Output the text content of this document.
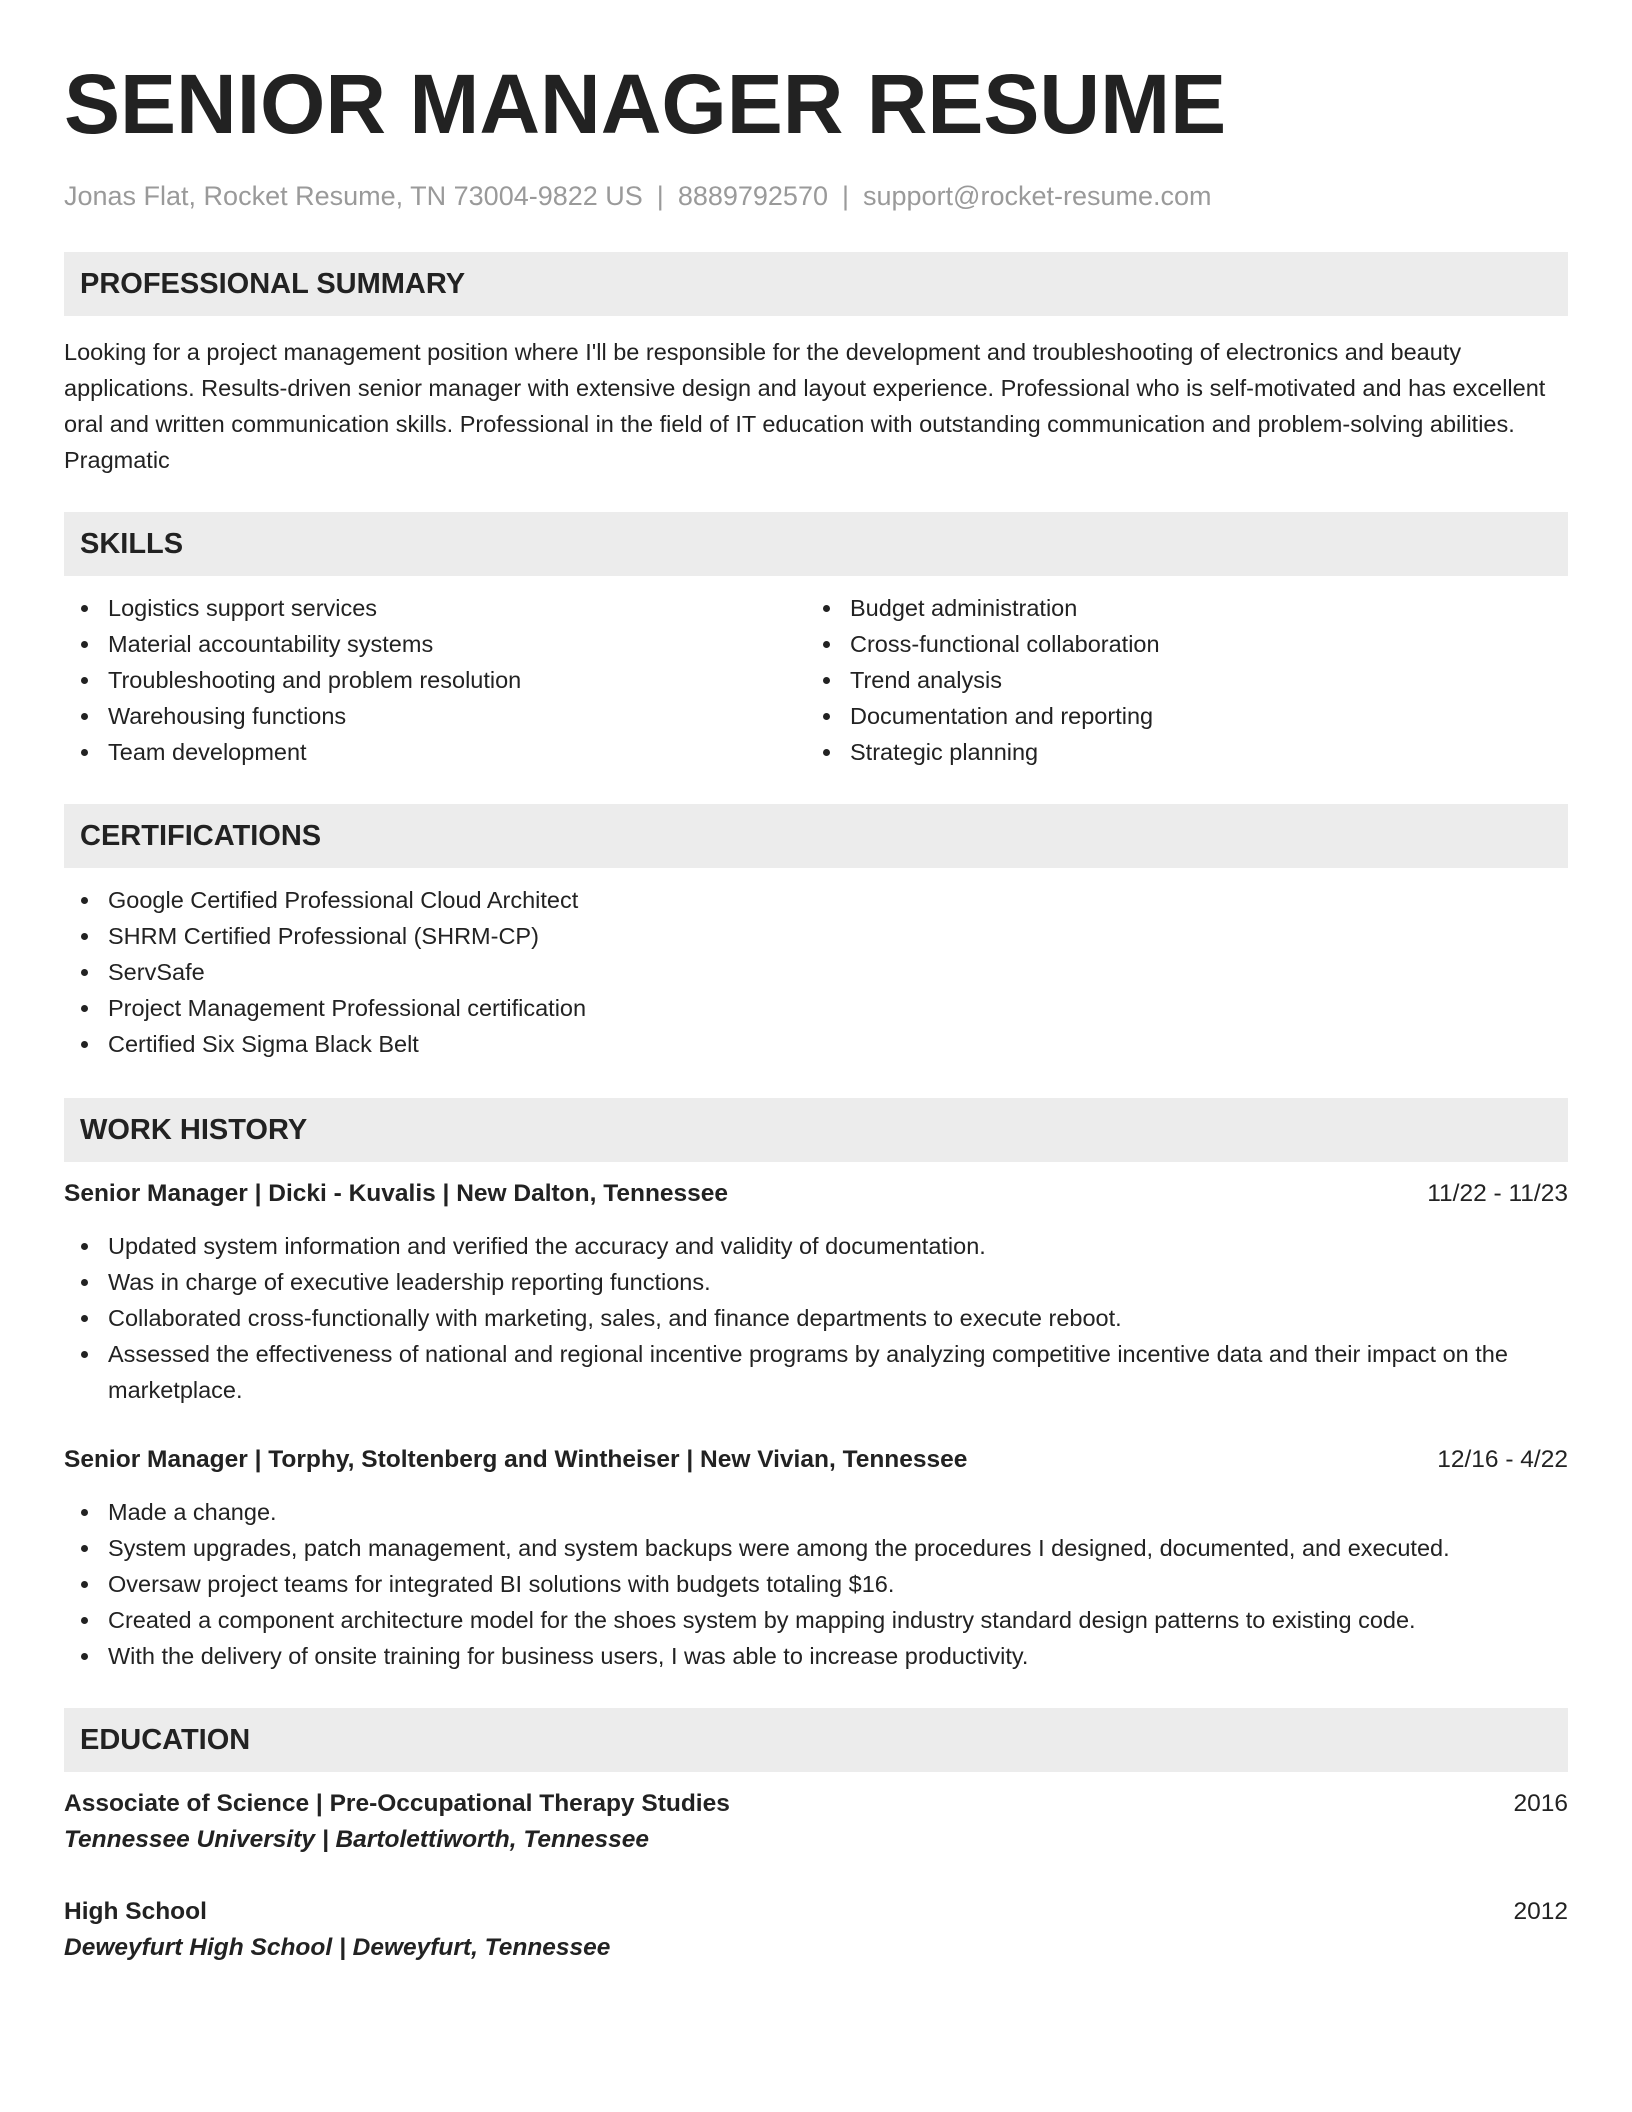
SENIOR MANAGER RESUME
Jonas Flat, Rocket Resume, TN 73004-9822 US | 8889792570 | support@rocket-resume.com
PROFESSIONAL SUMMARY
Looking for a project management position where I'll be responsible for the development and troubleshooting of electronics and beauty applications. Results-driven senior manager with extensive design and layout experience. Professional who is self-motivated and has excellent oral and written communication skills. Professional in the field of IT education with outstanding communication and problem-solving abilities. Pragmatic
SKILLS
Logistics support services
Material accountability systems
Troubleshooting and problem resolution
Warehousing functions
Team development
Budget administration
Cross-functional collaboration
Trend analysis
Documentation and reporting
Strategic planning
CERTIFICATIONS
Google Certified Professional Cloud Architect
SHRM Certified Professional (SHRM-CP)
ServSafe
Project Management Professional certification
Certified Six Sigma Black Belt
WORK HISTORY
Senior Manager | Dicki - Kuvalis | New Dalton, Tennessee	11/22 - 11/23
Updated system information and verified the accuracy and validity of documentation.
Was in charge of executive leadership reporting functions.
Collaborated cross-functionally with marketing, sales, and finance departments to execute reboot.
Assessed the effectiveness of national and regional incentive programs by analyzing competitive incentive data and their impact on the marketplace.
Senior Manager | Torphy, Stoltenberg and Wintheiser | New Vivian, Tennessee	12/16 - 4/22
Made a change.
System upgrades, patch management, and system backups were among the procedures I designed, documented, and executed.
Oversaw project teams for integrated BI solutions with budgets totaling $16.
Created a component architecture model for the shoes system by mapping industry standard design patterns to existing code.
With the delivery of onsite training for business users, I was able to increase productivity.
EDUCATION
Associate of Science | Pre-Occupational Therapy Studies	2016
Tennessee University | Bartolettiworth, Tennessee
High School	2012
Deweyfurt High School | Deweyfurt, Tennessee
